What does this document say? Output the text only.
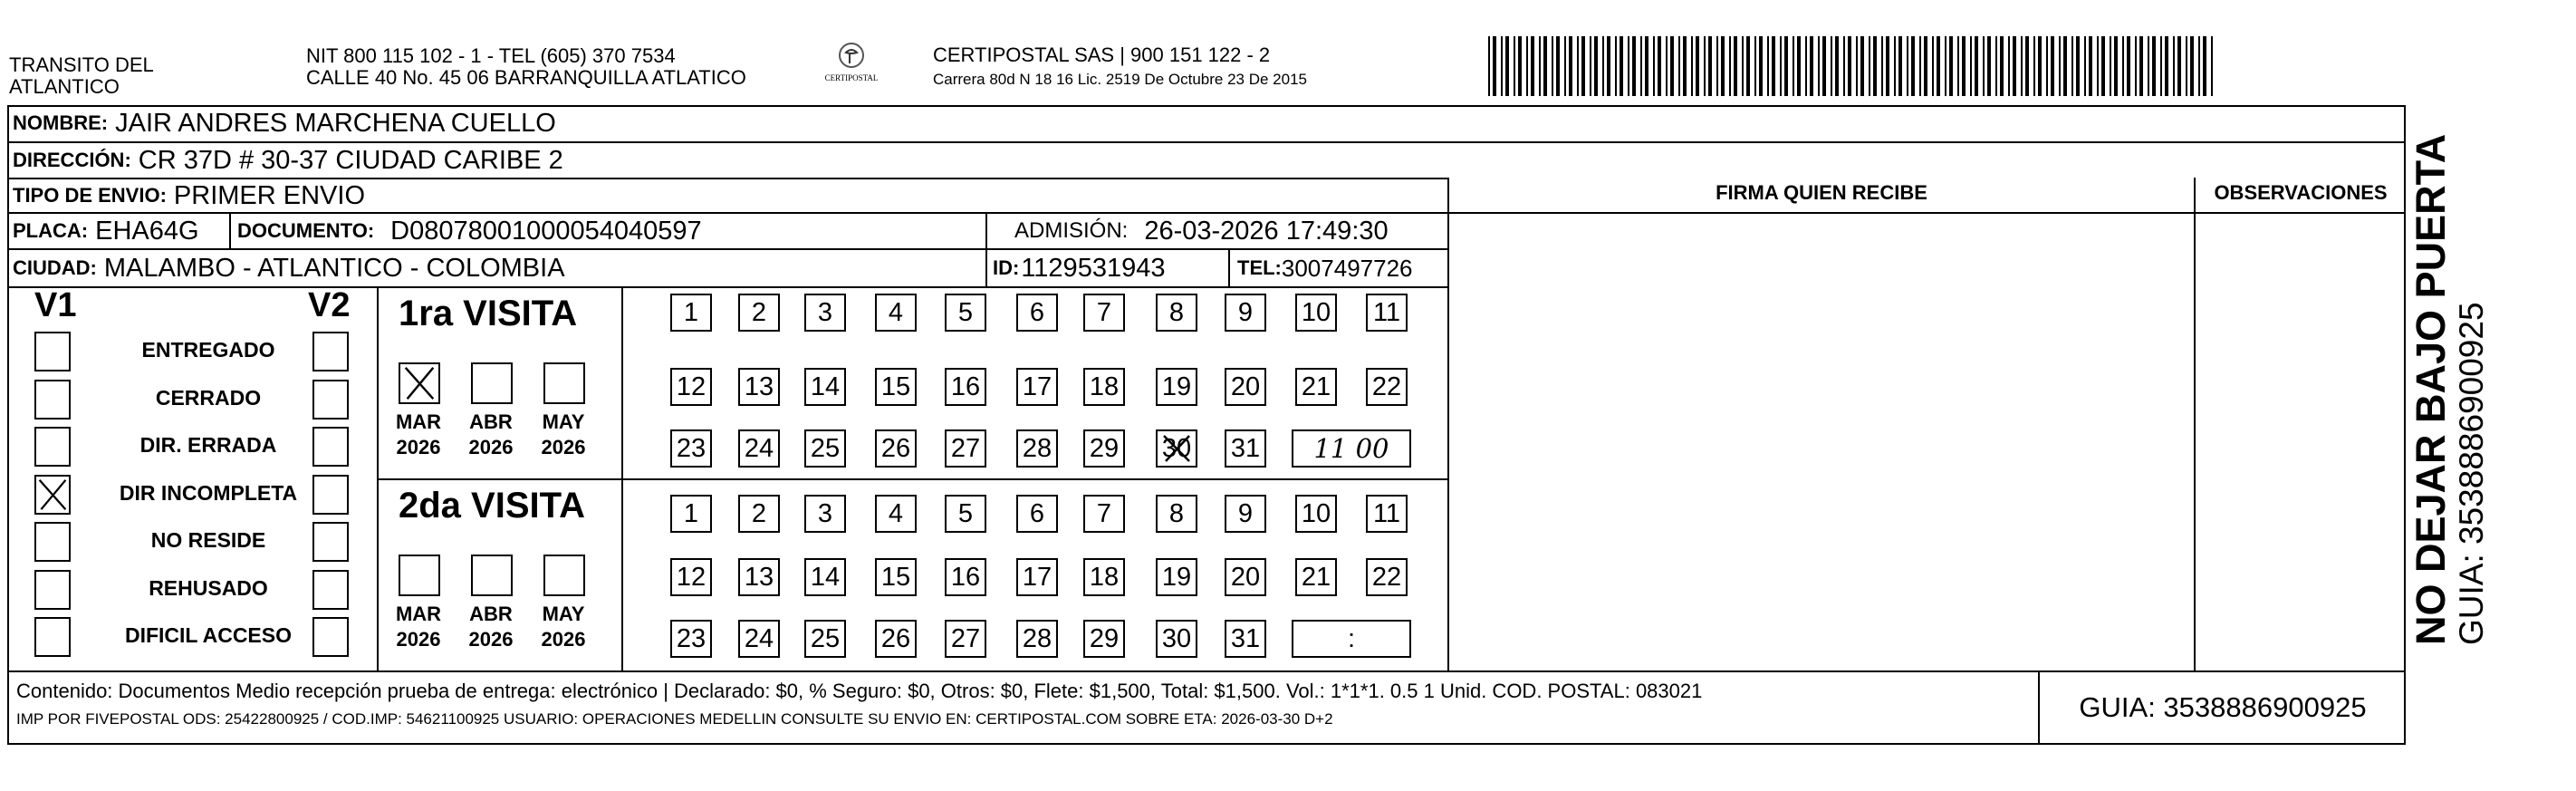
TRANSITO DEL
ATLANTICO
NIT 800 115 102 - 1 - TEL (605) 370 7534
CALLE 40 No. 45 06 BARRANQUILLA ATLATICO	CERTIPOSTAL
CERTIPOSTAL SAS | 900 151 122 - 2
Carrera 80d N 18 16 Lic. 2519 De Octubre 23 De 2015
NOMBRE: JAIR ANDRES MARCHENA CUELLO
DIRECCIÓN: CR 37D # 30-37 CIUDAD CARIBE 2
TIPO DE ENVIO: PRIMER ENVIO	FIRMA QUIEN RECIBE	OBSERVACIONES
PLACA: EHA64G DOCUMENTO: D08078001000054040597	ADMISIÓN: 26-03-2026 17:49:30
CIUDAD: MALAMBO - ATLANTICO - COLOMBIA	ID: 1129531943	TEL: 3007497726
V1	V2
ENTREGADO
CERRADO
DIR. ERRADA
DIR INCOMPLETA
NO RESIDE
REHUSADO
DIFICIL ACCESO
1ra VISITA
2da VISITA
MAR
2026
ABR
2026
MAY
2026
MAR
2026
ABR
2026
MAY
2026
1	2	3	4	5	6	7	8	9	10 11
12 13 14 15 16 17 18 19 20 21 22
23 24 25 26 27 28 29 30 31	11 00
1	2	3	4	5	6	7	8	9	10 11
12 13 14 15 16 17 18 19 20 21 22
23 24 25 26 27 28 29 30 31	:
Contenido: Documentos Medio recepción prueba de entrega: electrónico | Declarado: $0, % Seguro: $0, Otros: $0, Flete: $1,500, Total: $1,500. Vol.: 1*1*1. 0.5 1 Unid. COD. POSTAL: 083021
IMP POR FIVEPOSTAL ODS: 25422800925 / COD.IMP: 54621100925 USUARIO: OPERACIONES MEDELLIN CONSULTE SU ENVIO EN: CERTIPOSTAL.COM SOBRE ETA: 2026-03-30 D+2	GUIA: 3538886900925
NO DEJAR BAJO PUERTA GUIA: 3538886900925
